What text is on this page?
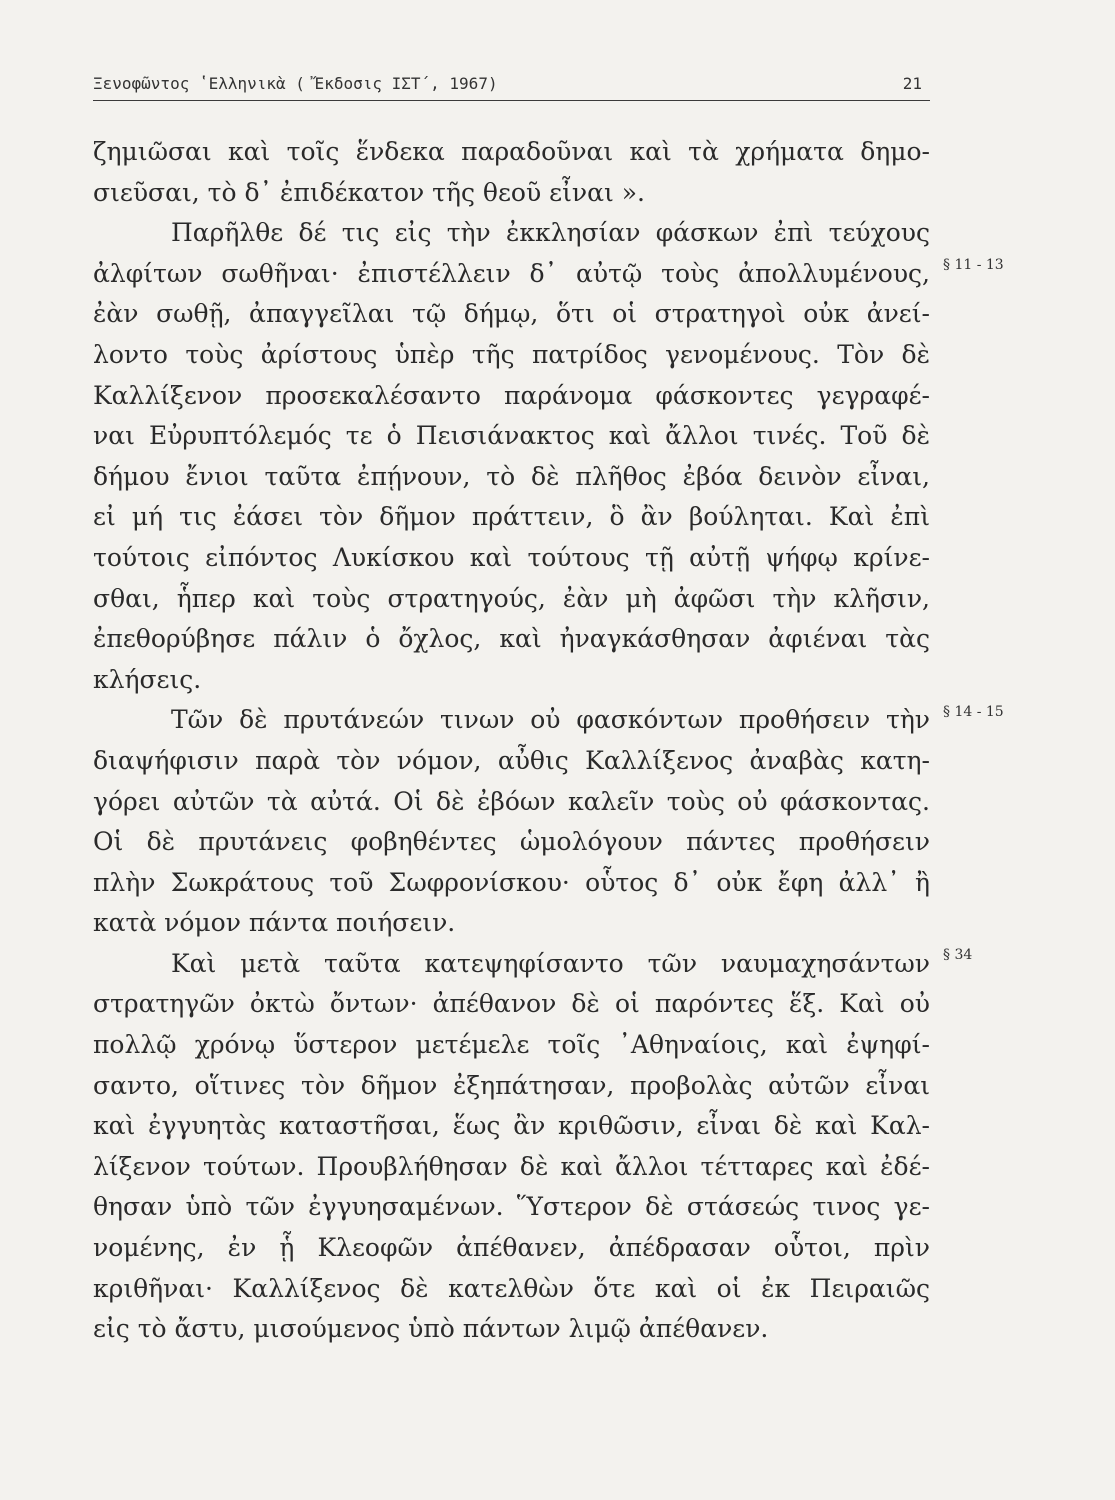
Ξενοφῶντος ʽΕλληνικὰ ( Ἔκδοσις ΙΣΤ΄, 1967)	21
ζημιῶσαι καὶ τοῖς ἕνδεκα παραδοῦναι καὶ τὰ χρήματα δημο-
σιεῦσαι, τὸ δ᾽ ἐπιδέκατον τῆς θεοῦ εἶναι ».
Παρῆλθε δέ τις εἰς τὴν ἐκκλησίαν φάσκων ἐπὶ τεύχους
ἀλφίτων σωθῆναι· ἐπιστέλλειν δ᾽ αὐτῷ τοὺς ἀπολλυμένους,
ἐὰν σωθῇ, ἀπαγγεῖλαι τῷ δήμῳ, ὅτι οἱ στρατηγοὶ οὐκ ἀνεί-
λοντο τοὺς ἀρίστους ὑπὲρ τῆς πατρίδος γενομένους. Τὸν δὲ
Καλλίξενον προσεκαλέσαντο παράνομα φάσκοντες γεγραφέ-
ναι Εὐρυπτόλεμός τε ὁ Πεισιάνακτος καὶ ἄλλοι τινές. Τοῦ δὲ
δήμου ἔνιοι ταῦτα ἐπῄνουν, τὸ δὲ πλῆθος ἐβόα δεινὸν εἶναι,
εἰ μή τις ἐάσει τὸν δῆμον πράττειν, ὃ ἂν βούληται. Καὶ ἐπὶ
τούτοις εἰπόντος Λυκίσκου καὶ τούτους τῇ αὐτῇ ψήφῳ κρίνε-
σθαι, ἧπερ καὶ τοὺς στρατηγούς, ἐὰν μὴ ἀφῶσι τὴν κλῆσιν,
ἐπεθορύβησε πάλιν ὁ ὄχλος, καὶ ἠναγκάσθησαν ἀφιέναι τὰς
κλήσεις.
Τῶν δὲ πρυτάνεών τινων οὐ φασκόντων προθήσειν τὴν
διαψήφισιν παρὰ τὸν νόμον, αὖθις Καλλίξενος ἀναβὰς κατη-
γόρει αὐτῶν τὰ αὐτά. Οἱ δὲ ἐβόων καλεῖν τοὺς οὐ φάσκοντας.
Οἱ δὲ πρυτάνεις φοβηθέντες ὡμολόγουν πάντες προθήσειν
πλὴν Σωκράτους τοῦ Σωφρονίσκου· οὗτος δ᾽ οὐκ ἔφη ἀλλ᾽ ἢ
κατὰ νόμον πάντα ποιήσειν.
Καὶ μετὰ ταῦτα κατεψηφίσαντο τῶν ναυμαχησάντων
στρατηγῶν ὀκτὼ ὄντων· ἀπέθανον δὲ οἱ παρόντες ἕξ. Καὶ οὐ
πολλῷ χρόνῳ ὕστερον μετέμελε τοῖς ᾽Αθηναίοις, καὶ ἐψηφί-
σαντο, οἵτινες τὸν δῆμον ἐξηπάτησαν, προβολὰς αὐτῶν εἶναι
καὶ ἐγγυητὰς καταστῆσαι, ἕως ἂν κριθῶσιν, εἶναι δὲ καὶ Καλ-
λίξενον τούτων. Προυβλήθησαν δὲ καὶ ἄλλοι τέτταρες καὶ ἐδέ-
θησαν ὑπὸ τῶν ἐγγυησαμένων. Ὕστερον δὲ στάσεώς τινος γε-
νομένης, ἐν ᾗ Κλεοφῶν ἀπέθανεν, ἀπέδρασαν οὗτοι, πρὶν
κριθῆναι· Καλλίξενος δὲ κατελθὼν ὅτε καὶ οἱ ἐκ Πειραιῶς
εἰς τὸ ἄστυ, μισούμενος ὑπὸ πάντων λιμῷ ἀπέθανεν.
§ 11 - 13
§ 14 - 15
§ 34
